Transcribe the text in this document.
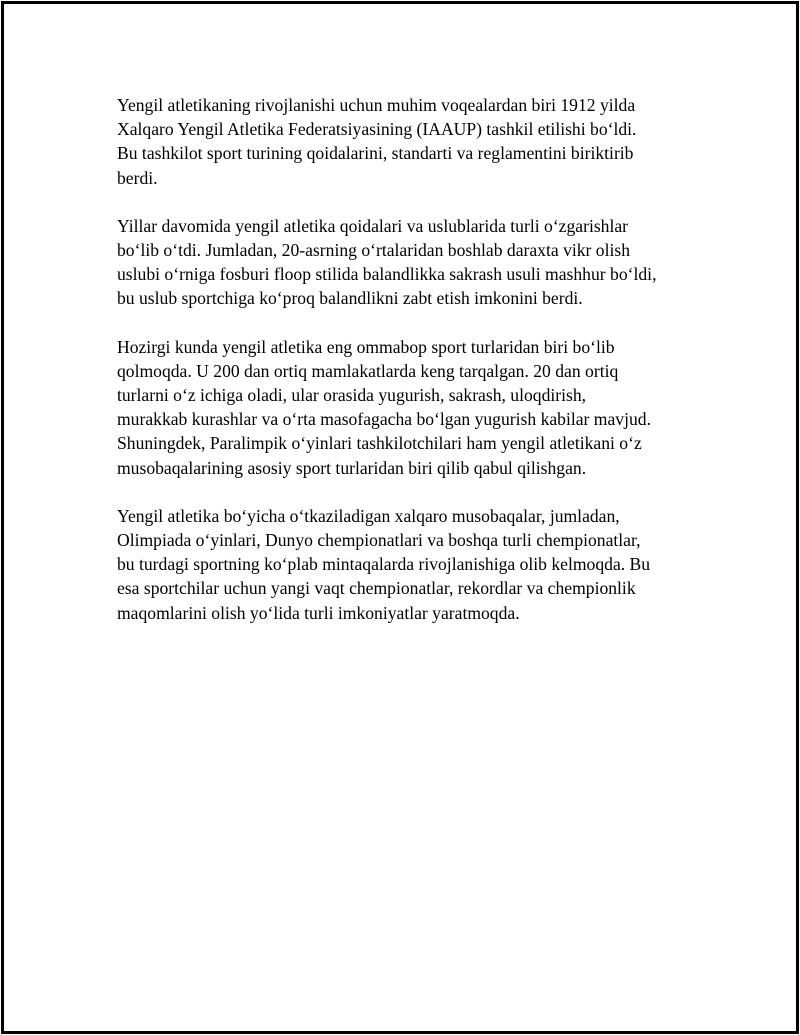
Yengil atletikaning rivojlanishi uchun muhim voqealardan biri 1912 yilda
Xalqaro Yengil Atletika Federatsiyasining (IAAUP) tashkil etilishi bo‘ldi.
Bu tashkilot sport turining qoidalarini, standarti va reglamentini biriktirib
berdi.

Yillar davomida yengil atletika qoidalari va uslublarida turli o‘zgarishlar
bo‘lib o‘tdi. Jumladan, 20-asrning o‘rtalaridan boshlab daraxta vikr olish
uslubi o‘rniga fosburi floop stilida balandlikka sakrash usuli mashhur bo‘ldi,
bu uslub sportchiga ko‘proq balandlikni zabt etish imkonini berdi.

Hozirgi kunda yengil atletika eng ommabop sport turlaridan biri bo‘lib
qolmoqda. U 200 dan ortiq mamlakatlarda keng tarqalgan. 20 dan ortiq
turlarni o‘z ichiga oladi, ular orasida yugurish, sakrash, uloqdirish,
murakkab kurashlar va o‘rta masofagacha bo‘lgan yugurish kabilar mavjud.
Shuningdek, Paralimpik o‘yinlari tashkilotchilari ham yengil atletikani o‘z
musobaqalarining asosiy sport turlaridan biri qilib qabul qilishgan.

Yengil atletika bo‘yicha o‘tkaziladigan xalqaro musobaqalar, jumladan,
Olimpiada o‘yinlari, Dunyo chempionatlari va boshqa turli chempionatlar,
bu turdagi sportning ko‘plab mintaqalarda rivojlanishiga olib kelmoqda. Bu
esa sportchilar uchun yangi vaqt chempionatlar, rekordlar va chempionlik
maqomlarini olish yo‘lida turli imkoniyatlar yaratmoqda.
